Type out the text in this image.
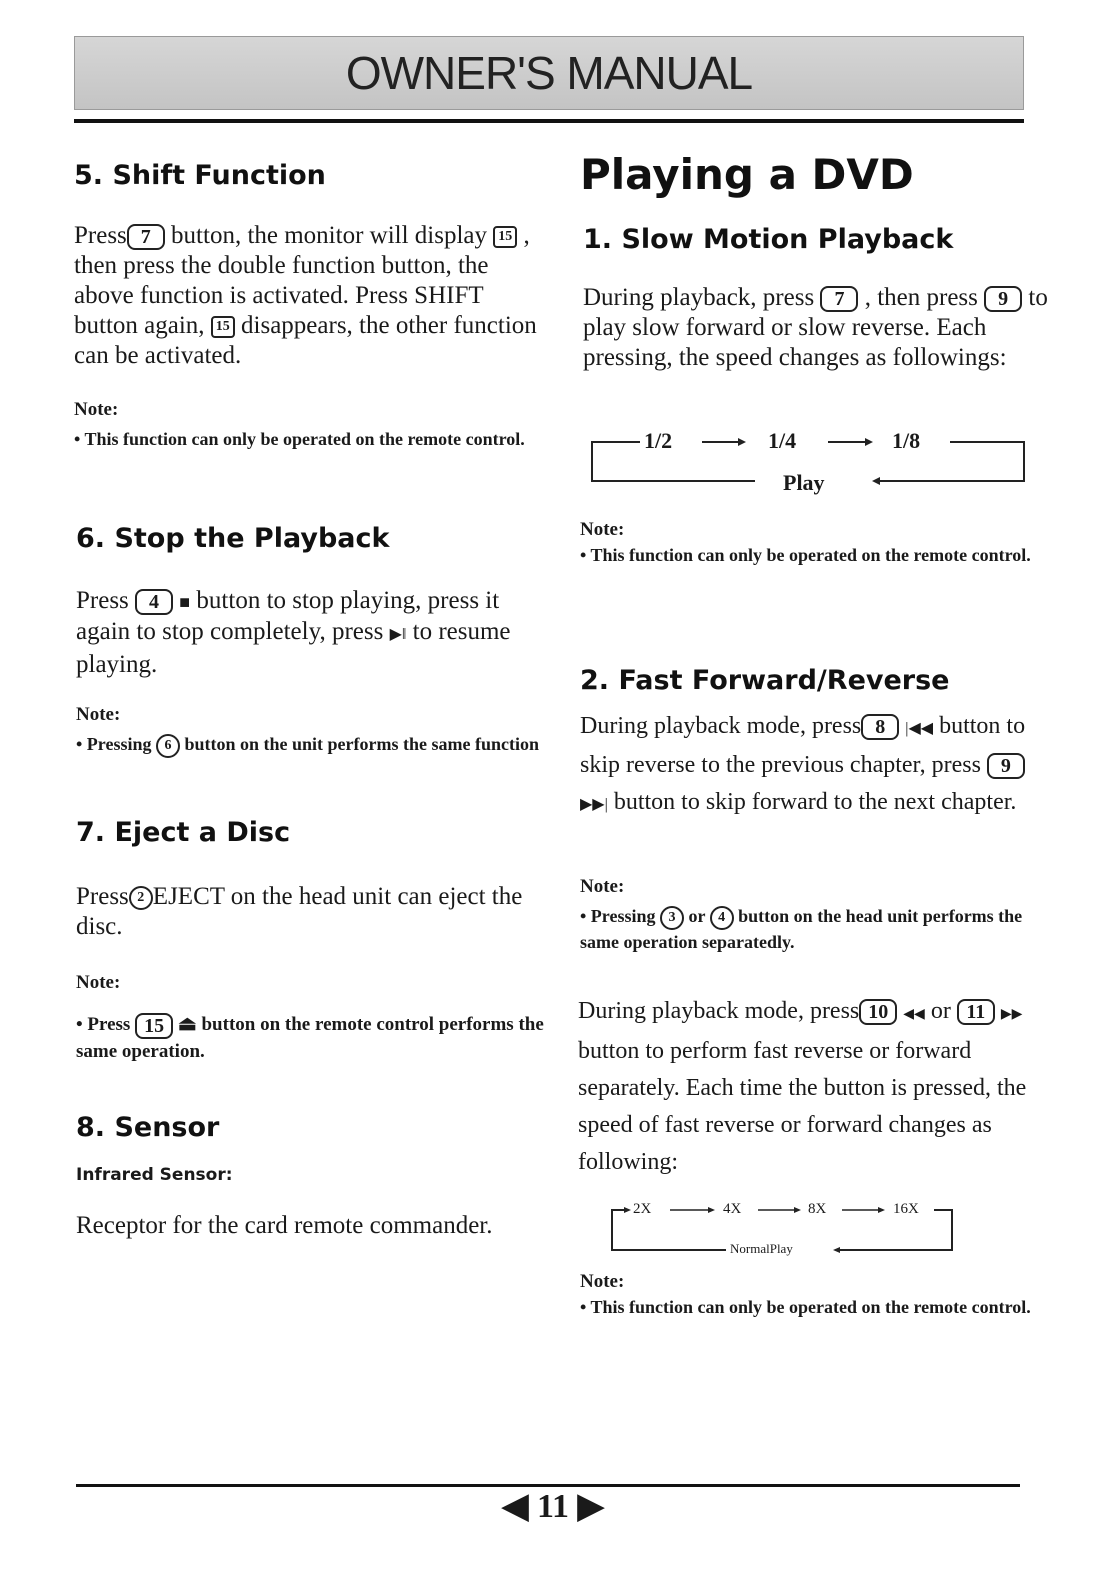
OWNER'S MANUAL

5. Shift Function

Press 7 button, the monitor will display 15 , then press the double function button, the above function is activated. Press SHIFT button again, 15 disappears, the other function can be activated.

Note:

• This function can only be operated on the remote control.

6. Stop the Playback

Press 4 ■ button to stop playing, press it again to stop completely, press ▶‖ to resume playing.

Note:

• Pressing 6 button on the unit performs the same function

7. Eject a Disc

Press 2 EJECT on the head unit can eject the disc.

Note:

• Press 15 ⏏ button on the remote control performs the same operation.

8. Sensor

Infrared Sensor:

Receptor for the card remote commander.

Playing a DVD

1. Slow Motion Playback

During playback, press 7 , then press 9 to play slow forward or slow reverse. Each pressing, the speed changes as followings:

1/2	1/4	1/8
Play

Note:

• This function can only be operated on the remote control.

2. Fast Forward/Reverse

During playback mode, press 8 |◀◀ button to skip reverse to the previous chapter, press 9 ▶▶| button to skip forward to the next chapter.

Note:

• Pressing 3 or 4 button on the head unit performs the same operation separatedly.

During playback mode, press 10 ◀◀ or 11 ▶▶ button to perform fast reverse or forward separately. Each time the button is pressed, the speed of fast reverse or forward changes as following:

2X	4X	8X	16X
NormalPlay

Note:

• This function can only be operated on the remote control.

◀ 11 ▶
